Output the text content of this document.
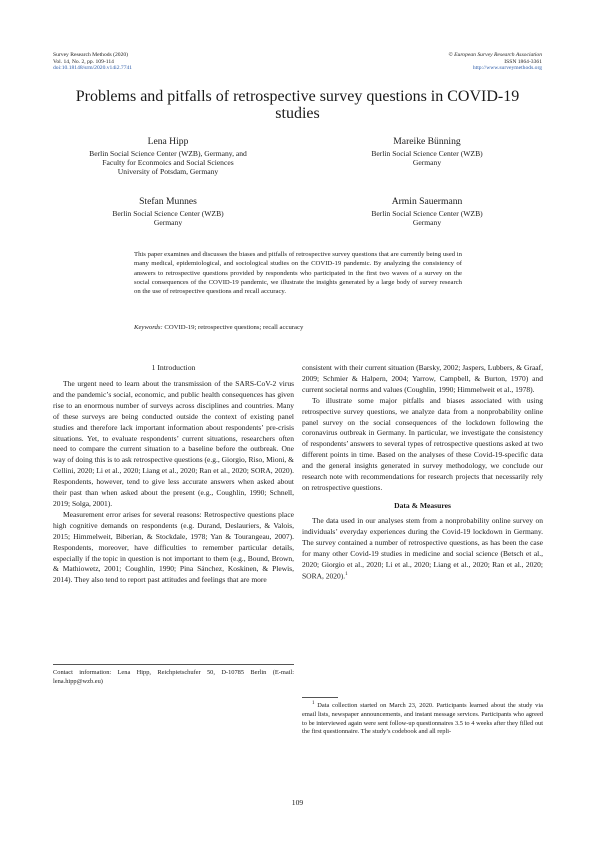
Survey Research Methods (2020)
Vol. 14, No. 2, pp. 109-114
doi:10.18148/srm/2020.v14i2.7741
© European Survey Research Association
ISSN 1864-3361
http://www.surveymethods.org
Problems and pitfalls of retrospective survey questions in COVID-19 studies
Lena Hipp
Berlin Social Science Center (WZB), Germany, and
Faculty for Econmoics and Social Sciences
University of Potsdam, Germany
Mareike Bünning
Berlin Social Science Center (WZB)
Germany
Stefan Munnes
Berlin Social Science Center (WZB)
Germany
Armin Sauermann
Berlin Social Science Center (WZB)
Germany
This paper examines and discusses the biases and pitfalls of retrospective survey questions that are currently being used in many medical, epidemiological, and sociological studies on the COVID-19 pandemic. By analyzing the consistency of answers to retrospective questions provided by respondents who participated in the first two waves of a survey on the social consequences of the COVID-19 pandemic, we illustrate the insights generated by a large body of survey research on the use of retrospective questions and recall accuracy.
Keywords: COVID-19; retrospective questions; recall accuracy
1 Introduction

The urgent need to learn about the transmission of the SARS-CoV-2 virus and the pandemic’s social, economic, and public health consequences has given rise to an enormous number of surveys across disciplines and countries. Many of these surveys are being conducted outside the context of existing panel studies and therefore lack important information about respondents’ pre-crisis situations. Yet, to evaluate respondents’ current situations, researchers often need to compare the current situation to a baseline before the outbreak. One way of doing this is to ask retrospective questions (e.g., Giorgio, Riso, Mioni, & Cellini, 2020; Li et al., 2020; Liang et al., 2020; Ran et al., 2020; SORA, 2020). Respondents, however, tend to give less accurate answers when asked about their past than when asked about the present (e.g., Coughlin, 1990; Schnell, 2019; Solga, 2001).

Measurement error arises for several reasons: Retrospective questions place high cognitive demands on respondents (e.g. Durand, Deslauriers, & Valois, 2015; Himmelweit, Biberian, & Stockdale, 1978; Yan & Tourangeau, 2007). Respondents, moreover, have difficulties to remember particular details, especially if the topic in question is not important to them (e.g., Bound, Brown, & Mathiowetz, 2001; Coughlin, 1990; Pina Sánchez, Koskinen, & Plewis, 2014). They also tend to report past attitudes and feelings that are more

Contact information: Lena Hipp, Reichpietschufer 50, D-10785 Berlin (E-mail: lena.hipp@wzb.eu)

consistent with their current situation (Barsky, 2002; Jaspers, Lubbers, & Graaf, 2009; Schmier & Halpern, 2004; Yarrow, Campbell, & Burton, 1970) and current societal norms and values (Coughlin, 1990; Himmelweit et al., 1978).

To illustrate some major pitfalls and biases associated with using retrospective survey questions, we analyze data from a nonprobability online panel survey on the social consequences of the lockdown following the coronavirus outbreak in Germany. In particular, we investigate the consistency of respondents’ answers to several types of retrospective questions asked at two different points in time. Based on the analyses of these Covid-19-specific data and the general insights generated in survey methodology, we conclude our research note with recommendations for research projects that necessarily rely on retrospective questions.

Data & Measures

The data used in our analyses stem from a nonprobability online survey on individuals’ everyday experiences during the Covid-19 lockdown in Germany. The survey contained a number of retrospective questions, as has been the case for many other Covid-19 studies in medicine and social science (Betsch et al., 2020; Giorgio et al., 2020; Li et al., 2020; Liang et al., 2020; Ran et al., 2020; SORA, 2020).$^1$

$^1$ Data collection started on March 23, 2020. Participants learned about the study via email lists, newspaper announcements, and instant message services. Participants who agreed to be interviewed again were sent follow-up questionnaires 3.5 to 4 weeks after they filled out the first questionnaire. The study’s codebook and all repli-
109
